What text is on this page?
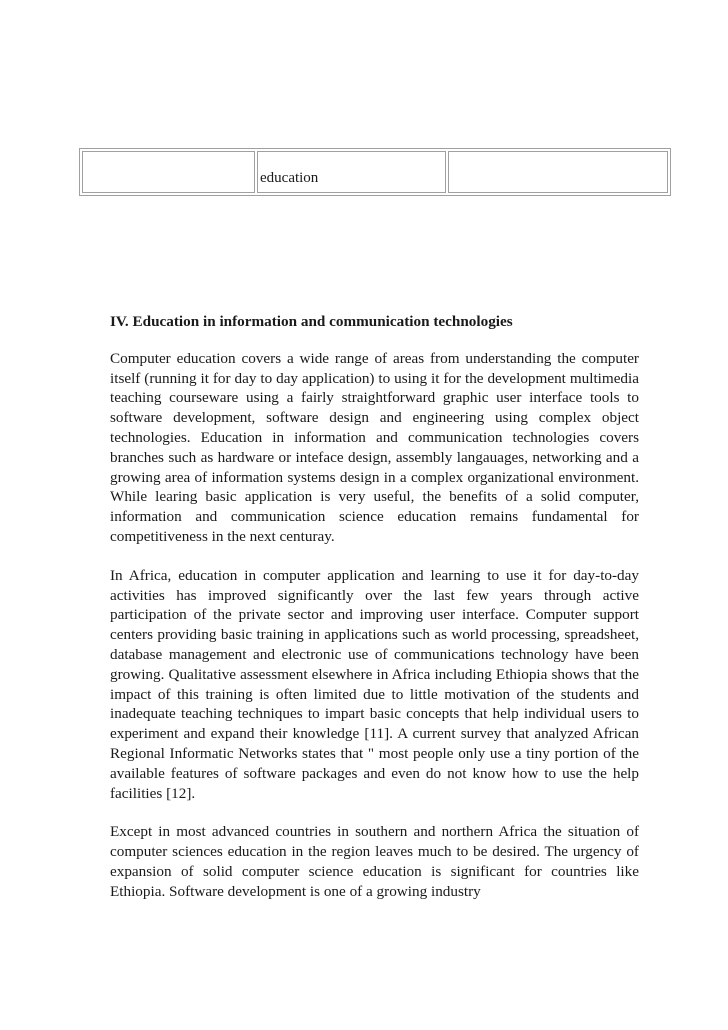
education

IV. Education in information and communication technologies

Computer education covers a wide range of areas from understanding the computer itself (running it for day to day application) to using it for the development multimedia teaching courseware using a fairly straightforward graphic user interface tools to software development, software design and engineering using complex object technologies. Education in information and communication technologies covers branches such as hardware or inteface design, assembly langauages, networking and a growing area of information systems design in a complex organizational environment. While learing basic application is very useful, the benefits of a solid computer, information and communication science education remains fundamental for competitiveness in the next centuray.

In Africa, education in computer application and learning to use it for day-to-day activities has improved significantly over the last few years through active participation of the private sector and improving user interface. Computer support centers providing basic training in applications such as world processing, spreadsheet, database management and electronic use of communications technology have been growing. Qualitative assessment elsewhere in Africa including Ethiopia shows that the impact of this training is often limited due to little motivation of the students and inadequate teaching techniques to impart basic concepts that help individual users to experiment and expand their knowledge [11]. A current survey that analyzed African Regional Informatic Networks states that " most people only use a tiny portion of the available features of software packages and even do not know how to use the help facilities [12].

Except in most advanced countries in southern and northern Africa the situation of computer sciences education in the region leaves much to be desired. The urgency of expansion of solid computer science education is significant for countries like Ethiopia. Software development is one of a growing industry
